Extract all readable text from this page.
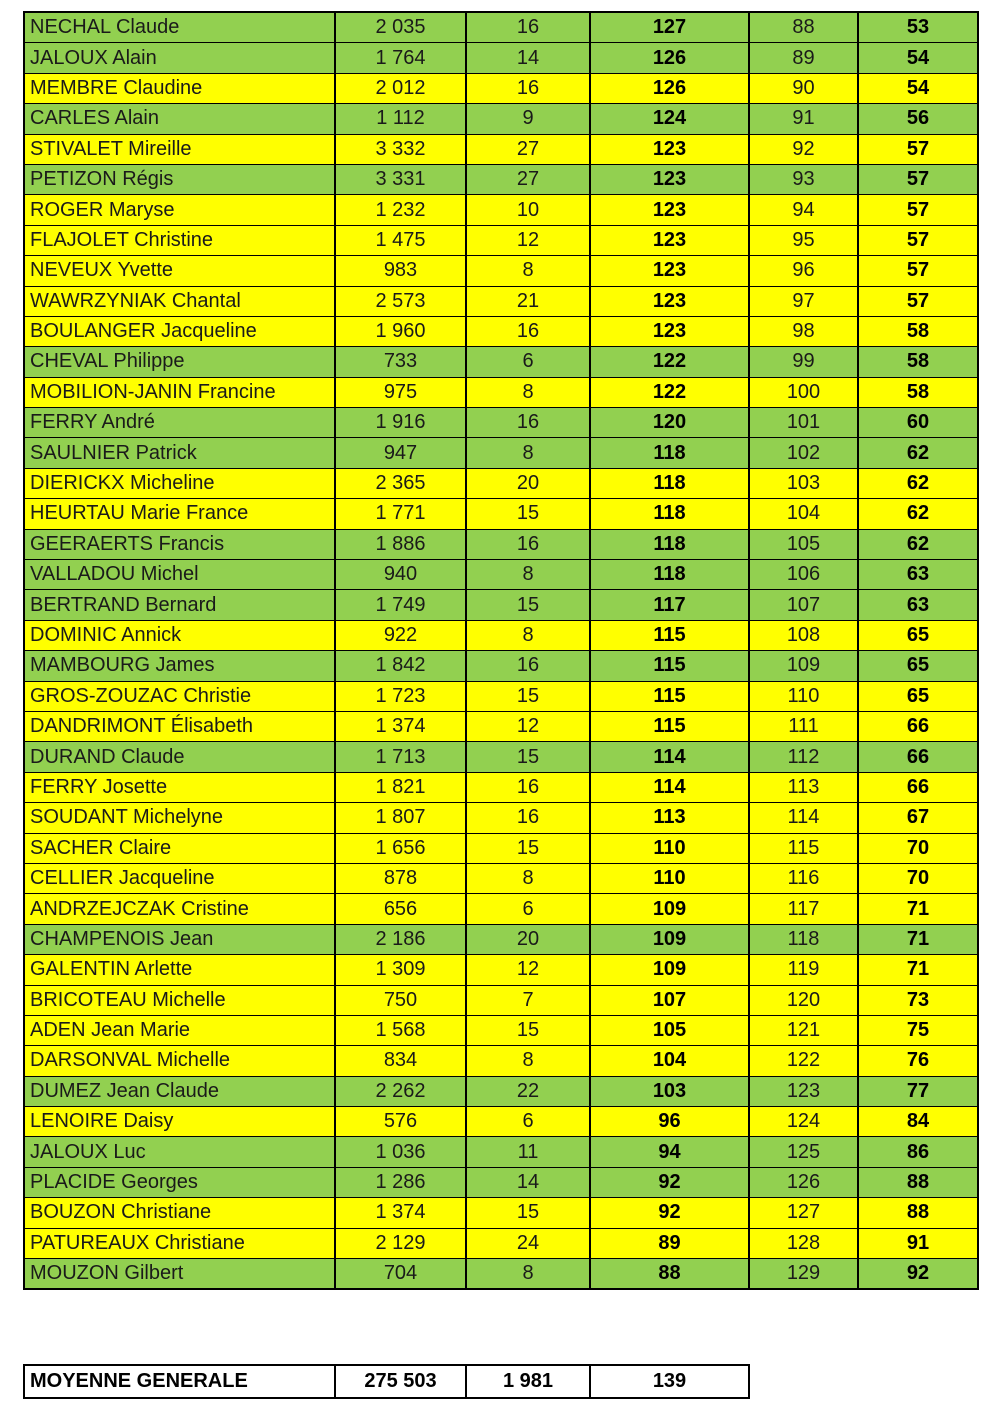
NECHAL Claude	2 035	16	127	88	53
JALOUX Alain	1 764	14	126	89	54
MEMBRE Claudine	2 012	16	126	90	54
CARLES Alain	1 112	9	124	91	56
STIVALET Mireille	3 332	27	123	92	57
PETIZON Régis	3 331	27	123	93	57
ROGER Maryse	1 232	10	123	94	57
FLAJOLET Christine	1 475	12	123	95	57
NEVEUX Yvette	983	8	123	96	57
WAWRZYNIAK Chantal	2 573	21	123	97	57
BOULANGER Jacqueline	1 960	16	123	98	58
CHEVAL Philippe	733	6	122	99	58
MOBILION-JANIN Francine	975	8	122	100	58
FERRY André	1 916	16	120	101	60
SAULNIER Patrick	947	8	118	102	62
DIERICKX Micheline	2 365	20	118	103	62
HEURTAU Marie France	1 771	15	118	104	62
GEERAERTS Francis	1 886	16	118	105	62
VALLADOU Michel	940	8	118	106	63
BERTRAND Bernard	1 749	15	117	107	63
DOMINIC Annick	922	8	115	108	65
MAMBOURG James	1 842	16	115	109	65
GROS-ZOUZAC Christie	1 723	15	115	110	65
DANDRIMONT Élisabeth	1 374	12	115	111	66
DURAND Claude	1 713	15	114	112	66
FERRY Josette	1 821	16	114	113	66
SOUDANT Michelyne	1 807	16	113	114	67
SACHER Claire	1 656	15	110	115	70
CELLIER Jacqueline	878	8	110	116	70
ANDRZEJCZAK Cristine	656	6	109	117	71
CHAMPENOIS Jean	2 186	20	109	118	71
GALENTIN Arlette	1 309	12	109	119	71
BRICOTEAU Michelle	750	7	107	120	73
ADEN Jean Marie	1 568	15	105	121	75
DARSONVAL Michelle	834	8	104	122	76
DUMEZ Jean Claude	2 262	22	103	123	77
LENOIRE Daisy	576	6	96	124	84
JALOUX Luc	1 036	11	94	125	86
PLACIDE Georges	1 286	14	92	126	88
BOUZON Christiane	1 374	15	92	127	88
PATUREAUX Christiane	2 129	24	89	128	91
MOUZON Gilbert	704	8	88	129	92
MOYENNE GENERALE	275 503	1 981	139
